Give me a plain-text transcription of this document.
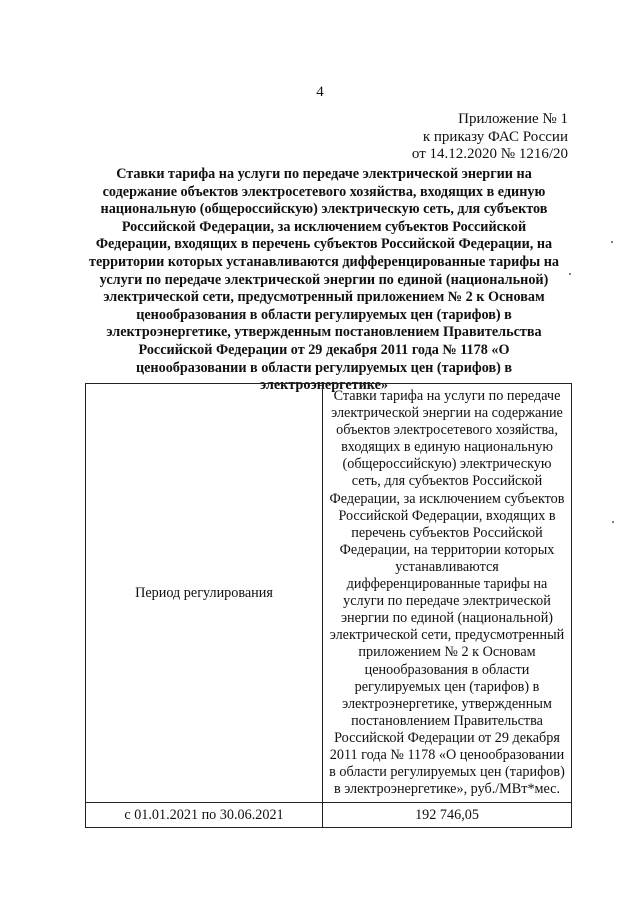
4
Приложение № 1
к приказу ФАС России
от 14.12.2020 № 1216/20
Ставки тарифа на услуги по передаче электрической энергии на содержание объектов электросетевого хозяйства, входящих в единую национальную (общероссийскую) электрическую сеть, для субъектов Российской Федерации, за исключением субъектов Российской Федерации, входящих в перечень субъектов Российской Федерации, на территории которых устанавливаются дифференцированные тарифы на услуги по передаче электрической энергии по единой (национальной) электрической сети, предусмотренный приложением № 2 к Основам ценообразования в области регулируемых цен (тарифов) в электроэнергетике, утвержденным постановлением Правительства Российской Федерации от 29 декабря 2011 года № 1178 «О ценообразовании в области регулируемых цен (тарифов) в электроэнергетике»
Период регулирования	Ставки тарифа на услуги по передаче электрической энергии на содержание объектов электросетевого хозяйства, входящих в единую национальную (общероссийскую) электрическую сеть, для субъектов Российской Федерации, за исключением субъектов Российской Федерации, входящих в перечень субъектов Российской Федерации, на территории которых устанавливаются дифференцированные тарифы на услуги по передаче электрической энергии по единой (национальной) электрической сети, предусмотренный приложением № 2 к Основам ценообразования в области регулируемых цен (тарифов) в электроэнергетике, утвержденным постановлением Правительства Российской Федерации от 29 декабря 2011 года № 1178 «О ценообразовании в области регулируемых цен (тарифов) в электроэнергетике», руб./МВт*мес.
с 01.01.2021 по 30.06.2021	192 746,05
